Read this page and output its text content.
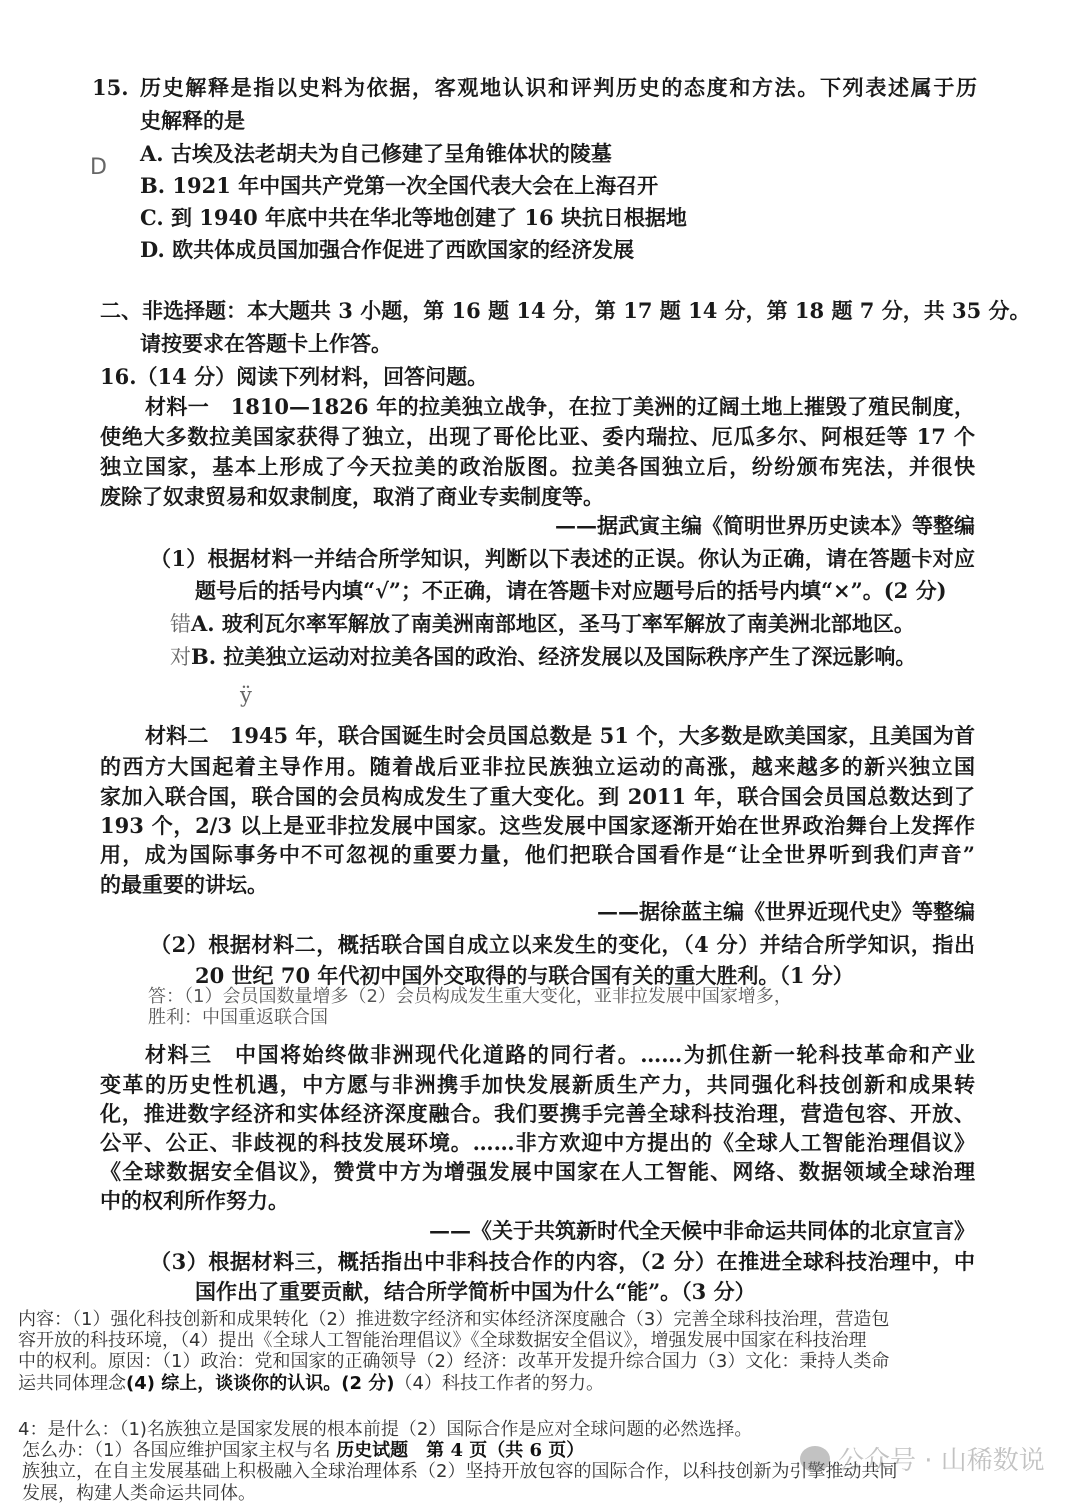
15. 历史解释是指以史料为依据，客观地认识和评判历史的态度和方法。下列表述属于历
史解释的是
D
A. 古埃及法老胡夫为自己修建了呈角锥体状的陵墓
B. 1921 年中国共产党第一次全国代表大会在上海召开
C. 到 1940 年底中共在华北等地创建了 16 块抗日根据地
D. 欧共体成员国加强合作促进了西欧国家的经济发展
二、非选择题：本大题共 3 小题，第 16 题 14 分，第 17 题 14 分，第 18 题 7 分，共 35 分。
请按要求在答题卡上作答。
16.（14 分）阅读下列材料，回答问题。
材料一　1810—1826 年的拉美独立战争，在拉丁美洲的辽阔土地上摧毁了殖民制度，
使绝大多数拉美国家获得了独立，出现了哥伦比亚、委内瑞拉、厄瓜多尔、阿根廷等 17 个
独立国家，基本上形成了今天拉美的政治版图。拉美各国独立后，纷纷颁布宪法，并很快
废除了奴隶贸易和奴隶制度，取消了商业专卖制度等。
——据武寅主编《简明世界历史读本》等整编
（1）根据材料一并结合所学知识，判断以下表述的正误。你认为正确，请在答题卡对应
题号后的括号内填“√”；不正确，请在答题卡对应题号后的括号内填“×”。(2 分)
错A. 玻利瓦尔率军解放了南美洲南部地区，圣马丁率军解放了南美洲北部地区。
对B. 拉美独立运动对拉美各国的政治、经济发展以及国际秩序产生了深远影响。
ÿ
材料二　1945 年，联合国诞生时会员国总数是 51 个，大多数是欧美国家，且美国为首
的西方大国起着主导作用。随着战后亚非拉民族独立运动的高涨，越来越多的新兴独立国
家加入联合国，联合国的会员构成发生了重大变化。到 2011 年，联合国会员国总数达到了
193 个，2/3 以上是亚非拉发展中国家。这些发展中国家逐渐开始在世界政治舞台上发挥作
用，成为国际事务中不可忽视的重要力量，他们把联合国看作是“让全世界听到我们声音”
的最重要的讲坛。
——据徐蓝主编《世界近现代史》等整编
（2）根据材料二，概括联合国自成立以来发生的变化，（4 分）并结合所学知识，指出
20 世纪 70 年代初中国外交取得的与联合国有关的重大胜利。（1 分）
答：（1）会员国数量增多（2）会员构成发生重大变化，亚非拉发展中国家增多，
胜利：中国重返联合国
材料三　中国将始终做非洲现代化道路的同行者。……为抓住新一轮科技革命和产业
变革的历史性机遇，中方愿与非洲携手加快发展新质生产力，共同强化科技创新和成果转
化，推进数字经济和实体经济深度融合。我们要携手完善全球科技治理，营造包容、开放、
公平、公正、非歧视的科技发展环境。……非方欢迎中方提出的《全球人工智能治理倡议》
《全球数据安全倡议》，赞赏中方为增强发展中国家在人工智能、网络、数据领域全球治理
中的权利所作努力。
——《关于共筑新时代全天候中非命运共同体的北京宣言》
（3）根据材料三，概括指出中非科技合作的内容，（2 分）在推进全球科技治理中，中
国作出了重要贡献，结合所学简析中国为什么“能”。（3 分）
内容：（1）强化科技创新和成果转化（2）推进数字经济和实体经济深度融合（3）完善全球科技治理，营造包
容开放的科技环境，（4）提出《全球人工智能治理倡议》《全球数据安全倡议》，增强发展中国家在科技治理
中的权利。原因：（1）政治：党和国家的正确领导（2）经济：改革开发提升综合国力（3）文化：秉持人类命
运共同体理念(4) 综上，谈谈你的认识。(2 分)（4）科技工作者的努力。
4：是什么：（1)名族独立是国家发展的根本前提（2）国际合作是应对全球问题的必然选择。
怎么办：（1）各国应维护国家主权与名 历史试题　第 4 页（共 6 页）
族独立，在自主发展基础上积极融入全球治理体系（2）坚持开放包容的国际合作，以科技创新为引擎推动共同
发展，构建人类命运共同体。
公众号 · 山稀数说
